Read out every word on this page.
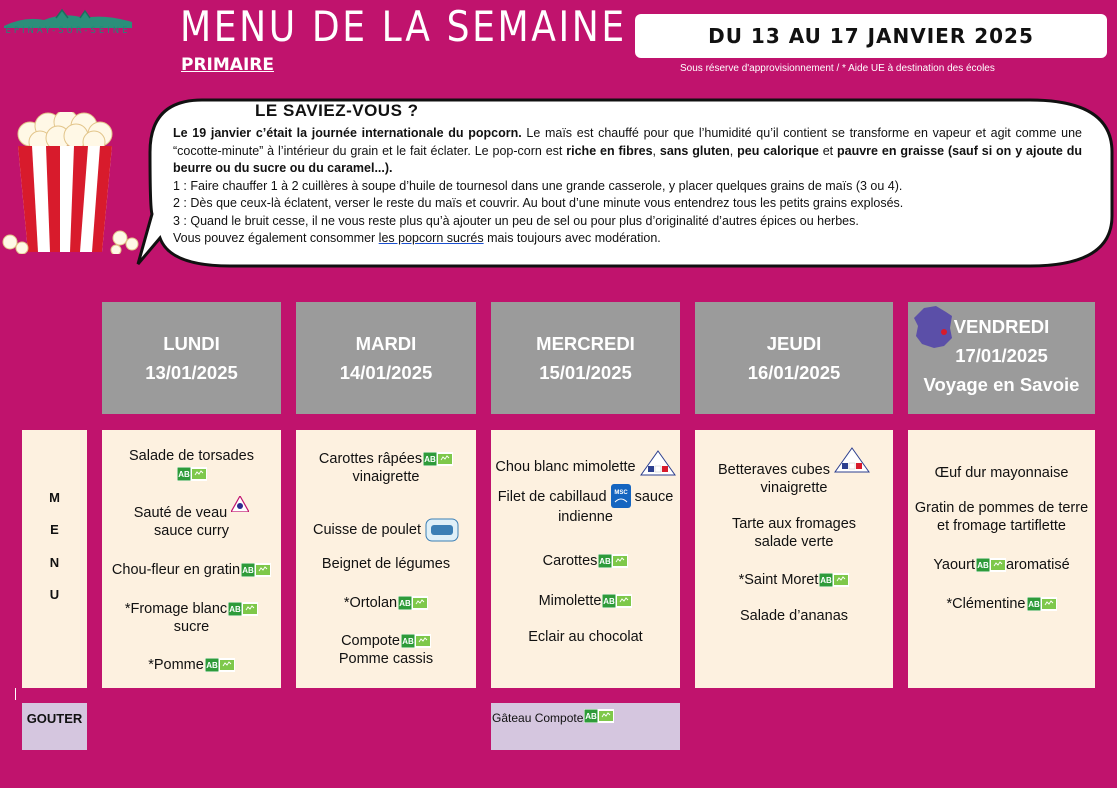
EPINAY-SUR-SEINE MENU DE LA SEMAINE
PRIMAIRE
DU 13 AU 17 JANVIER 2025
Sous réserve d'approvisionnement / * Aide UE à destination des écoles
LE SAVIEZ-VOUS ?

Le 19 janvier c’était la journée internationale du popcorn. Le maïs est chauffé pour que l’humidité qu’il contient se transforme en vapeur et agit comme une “cocotte-minute” à l’intérieur du grain et le fait éclater. Le pop-corn est riche en fibres, sans gluten, peu calorique et pauvre en graisse (sauf si on y ajoute du beurre ou du sucre ou du caramel...).

1 : Faire chauffer 1 à 2 cuillères à soupe d’huile de tournesol dans une grande casserole, y placer quelques grains de maïs (3 ou 4).

2 : Dès que ceux-là éclatent, verser le reste du maïs et couvrir. Au bout d’une minute vous entendrez tous les petits grains explosés.

3 : Quand le bruit cesse, il ne vous reste plus qu’à ajouter un peu de sel ou pour plus d’originalité d’autres épices ou herbes.

Vous pouvez également consommer les popcorn sucrés mais toujours avec modération.

LUNDI
13/01/2025
MARDI
14/01/2025
MERCREDI
15/01/2025
JEUDI
16/01/2025
VENDREDI
17/01/2025
Voyage en Savoie
M
E
N
U
Salade de torsades

Sauté de veau
sauce curry
Chou-fleur en gratin
*Fromage blanc
sucre
*Pomme
Carottes râpées
vinaigrette
Cuisse de poulet
Beignet de légumes
*Ortolan
Compote
Pomme cassis
Chou blanc mimolette
Filet de cabillaud MSC sauce
indienne
Carottes
Mimolette
Eclair au chocolat
Betteraves cubes
vinaigrette
Tarte aux fromages
salade verte
*Saint Moret
Salade d’ananas
Œuf dur mayonnaise
Gratin de pommes de terre
et fromage tartiflette
Yaourt aromatisé
*Clémentine
GOUTER	Gâteau Compote
